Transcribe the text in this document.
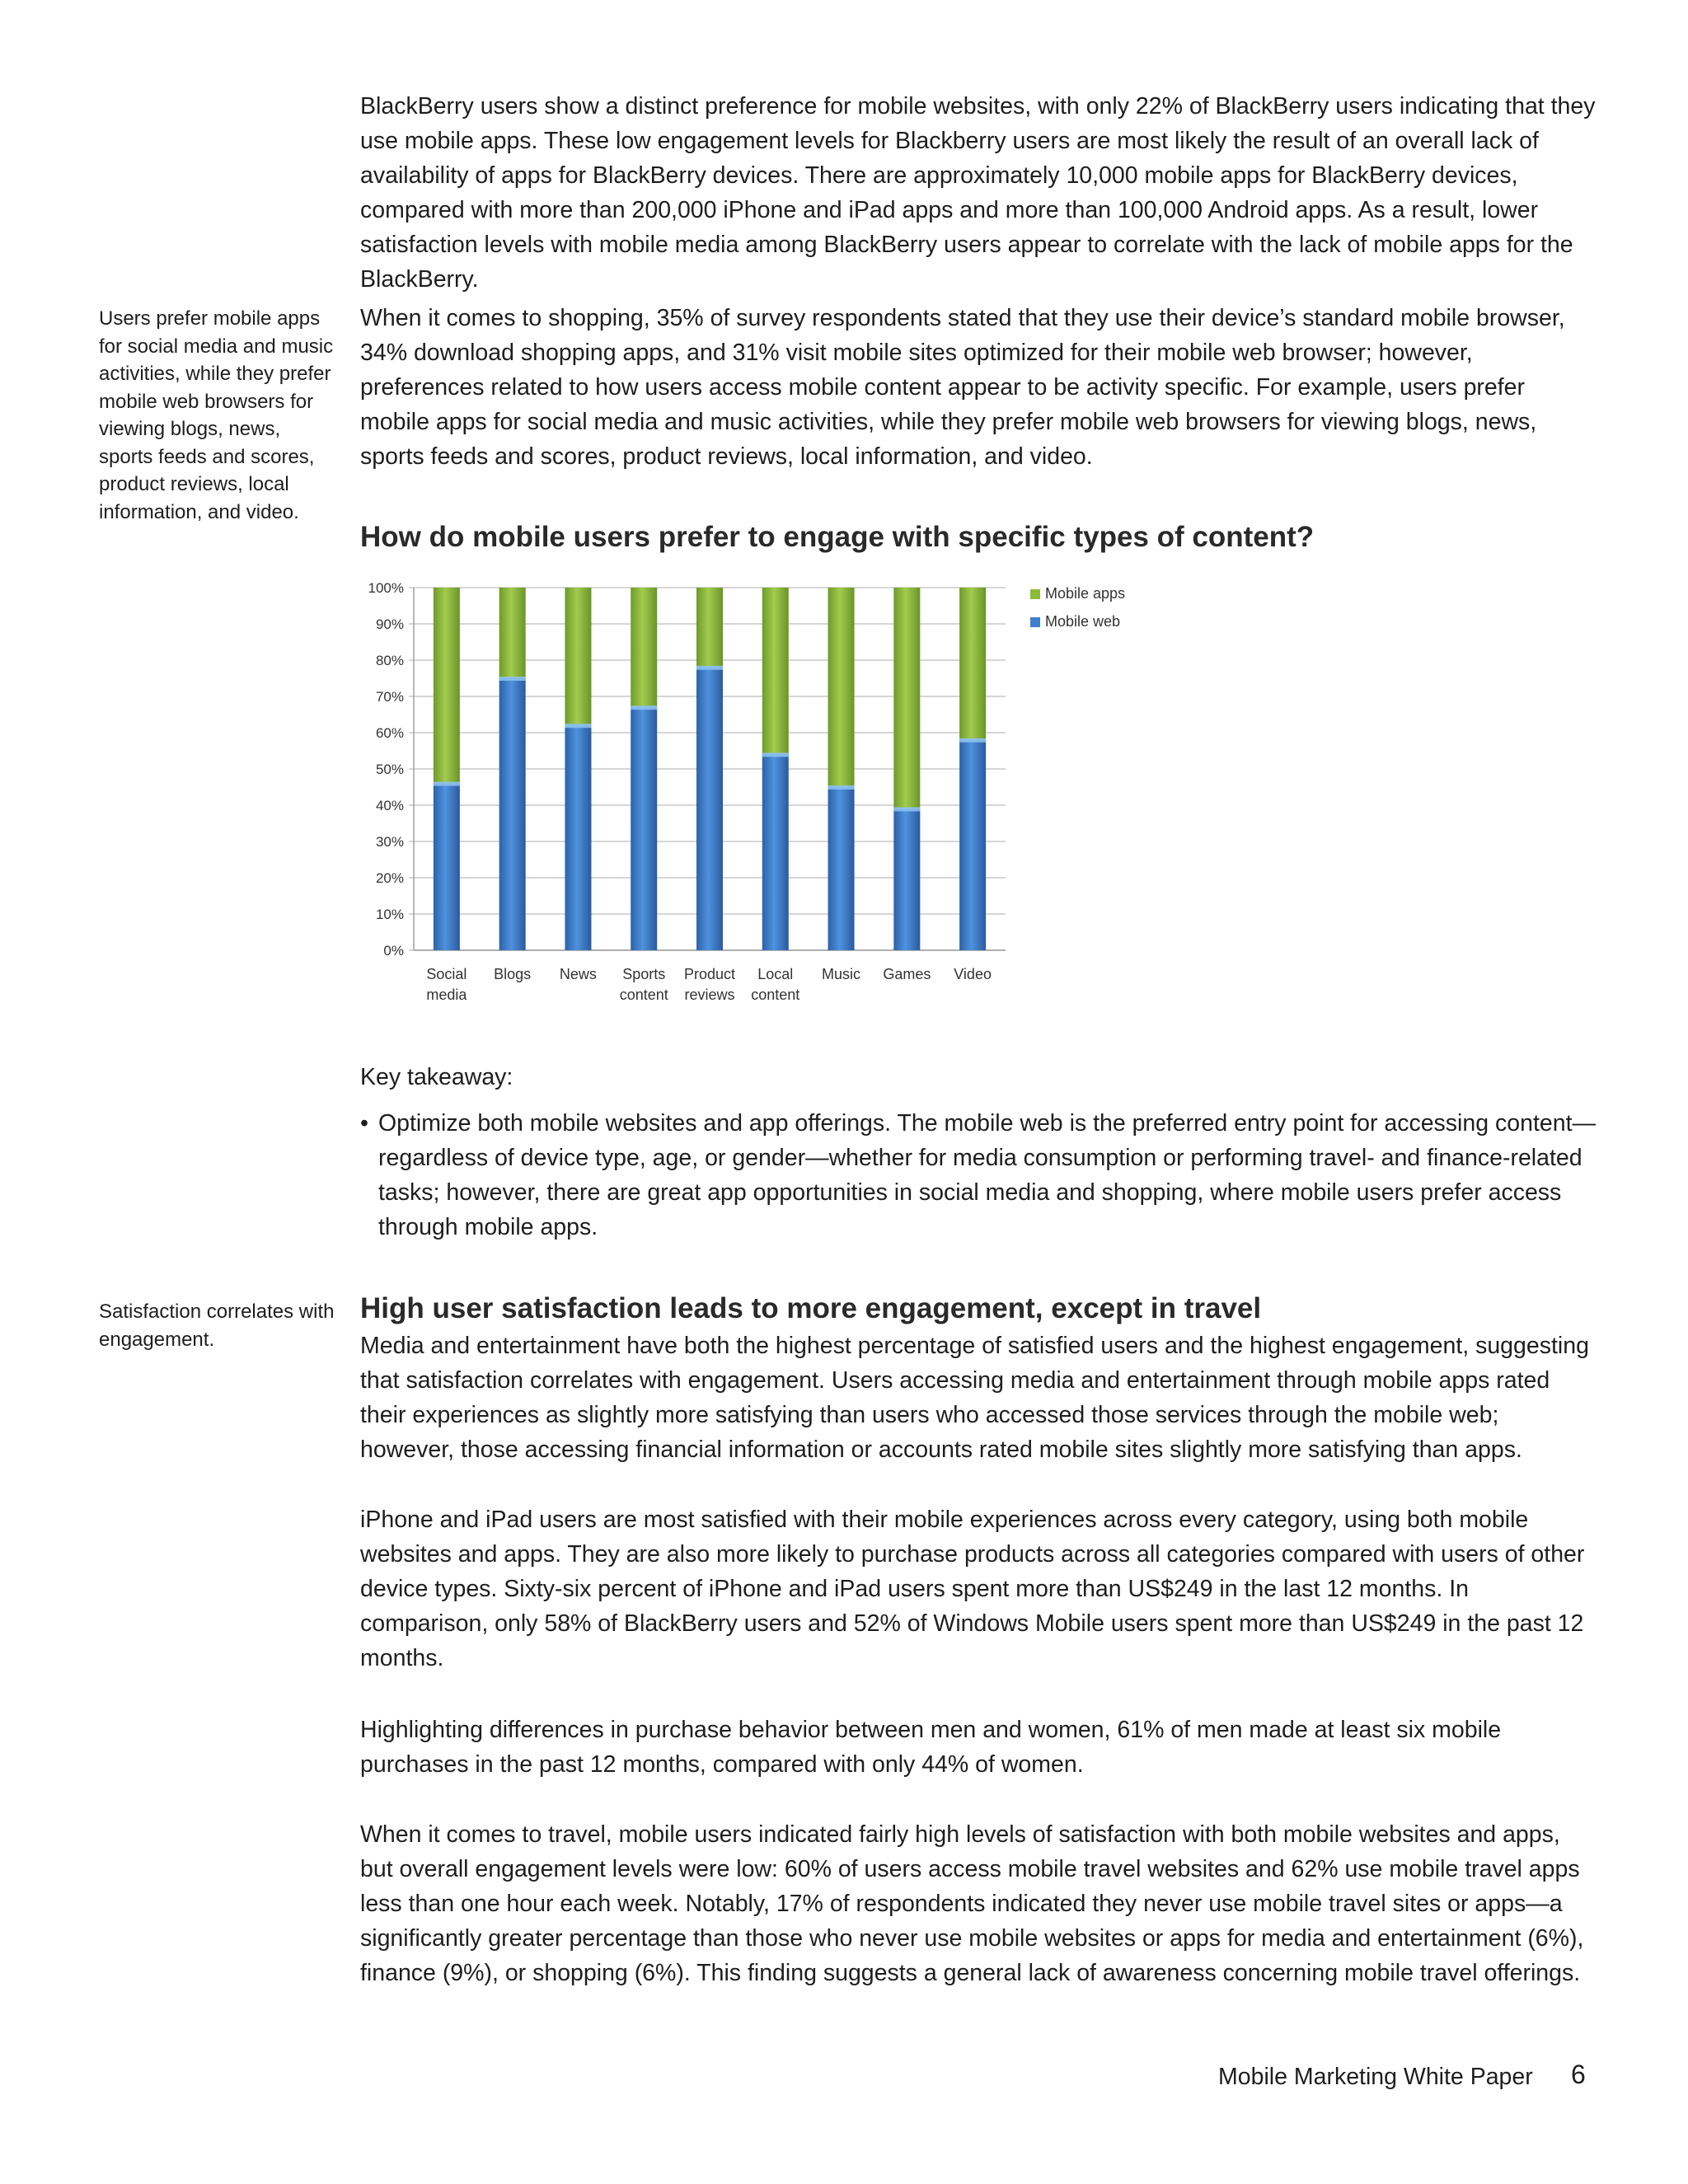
BlackBerry users show a distinct preference for mobile websites, with only 22% of BlackBerry users indicating that they use mobile apps. These low engagement levels for Blackberry users are most likely the result of an overall lack of availability of apps for BlackBerry devices. There are approximately 10,000 mobile apps for BlackBerry devices, compared with more than 200,000 iPhone and iPad apps and more than 100,000 Android apps. As a result, lower satisfaction levels with mobile media among BlackBerry users appear to correlate with the lack of mobile apps for the BlackBerry.

Users prefer mobile apps for social media and music activities, while they prefer mobile web browsers for viewing blogs, news, sports feeds and scores, product reviews, local information, and video.

When it comes to shopping, 35% of survey respondents stated that they use their device’s standard mobile browser, 34% download shopping apps, and 31% visit mobile sites optimized for their mobile web browser; however, preferences related to how users access mobile content appear to be activity specific. For example, users prefer mobile apps for social media and music activities, while they prefer mobile web browsers for viewing blogs, news, sports feeds and scores, product reviews, local information, and video.

How do mobile users prefer to engage with specific types of content?
0%
10%
20%
30%
40%
50%
60%
70%
80%
90%
100%
Social
media
Blogs News Sports
content
Product
reviews
Local
content
Music Games Video
Mobile apps
Mobile web

Key takeaway:

• Optimize both mobile websites and app offerings. The mobile web is the preferred entry point for accessing content—regardless of device type, age, or gender—whether for media consumption or performing travel- and finance-related tasks; however, there are great app opportunities in social media and shopping, where mobile users prefer access through mobile apps.

Satisfaction correlates with engagement.

High user satisfaction leads to more engagement, except in travel

Media and entertainment have both the highest percentage of satisfied users and the highest engagement, suggesting that satisfaction correlates with engagement. Users accessing media and entertainment through mobile apps rated their experiences as slightly more satisfying than users who accessed those services through the mobile web; however, those accessing financial information or accounts rated mobile sites slightly more satisfying than apps.

iPhone and iPad users are most satisfied with their mobile experiences across every category, using both mobile websites and apps. They are also more likely to purchase products across all categories compared with users of other device types. Sixty-six percent of iPhone and iPad users spent more than US$249 in the last 12 months. In comparison, only 58% of BlackBerry users and 52% of Windows Mobile users spent more than US$249 in the past 12 months.

Highlighting differences in purchase behavior between men and women, 61% of men made at least six mobile purchases in the past 12 months, compared with only 44% of women.

When it comes to travel, mobile users indicated fairly high levels of satisfaction with both mobile websites and apps, but overall engagement levels were low: 60% of users access mobile travel websites and 62% use mobile travel apps less than one hour each week. Notably, 17% of respondents indicated they never use mobile travel sites or apps—a significantly greater percentage than those who never use mobile websites or apps for media and entertainment (6%), finance (9%), or shopping (6%). This finding suggests a general lack of awareness concerning mobile travel offerings.

Mobile Marketing White Paper 6
